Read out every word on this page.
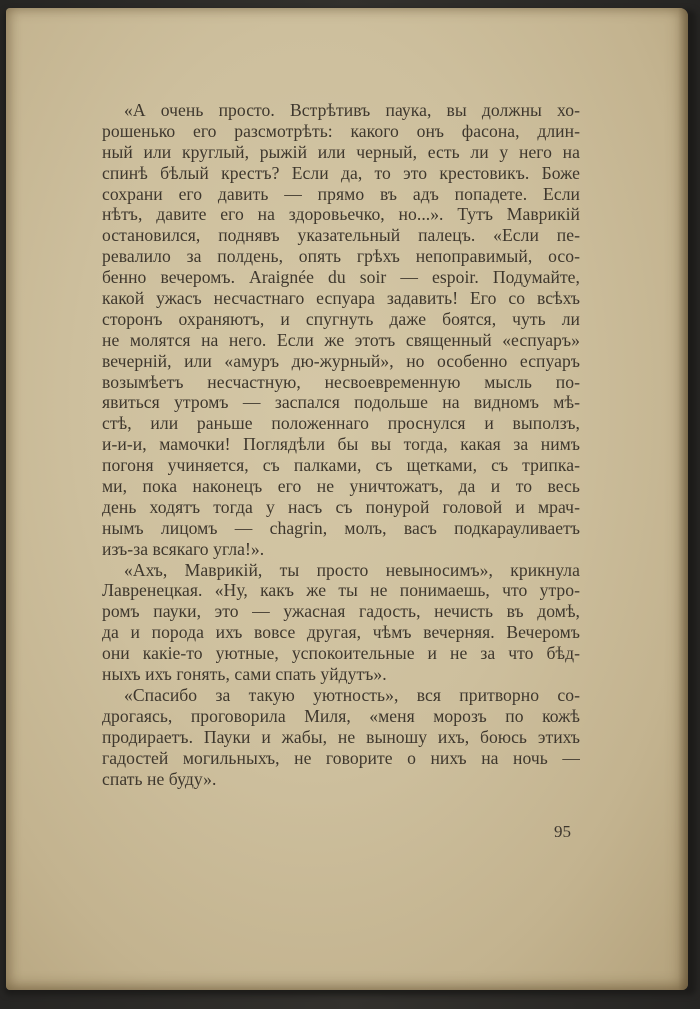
«А очень просто. Встрѣтивъ паука, вы должны хо-
рошенько его разсмотрѣть: какого онъ фасона, длин-
ный или круглый, рыжій или черный, есть ли у него на
спинѣ бѣлый крестъ? Если да, то это крестовикъ. Боже
сохрани его давить — прямо въ адъ попадете. Если
нѣтъ, давите его на здоровьечко, но...». Тутъ Маврикій
остановился, поднявъ указательный палецъ. «Если пе-
ревалило за полдень, опять грѣхъ непоправимый, осо-
бенно вечеромъ. Araignée du soir — espoir. Подумайте,
какой ужасъ несчастнаго еспуара задавить! Его со всѣхъ
сторонъ охраняютъ, и спугнуть даже боятся, чуть ли
не молятся на него. Если же этотъ священный «еспуаръ»
вечерній, или «амуръ дю-журный», но особенно еспуаръ
возымѣетъ несчастную, несвоевременную мысль по-
явиться утромъ — заспался подольше на видномъ мѣ-
стѣ, или раньше положеннаго проснулся и выползъ,
и-и-и, мамочки! Поглядѣли бы вы тогда, какая за нимъ
погоня учиняется, съ палками, съ щетками, съ трипка-
ми, пока наконецъ его не уничтожатъ, да и то весь
день ходятъ тогда у насъ съ понурой головой и мрач-
нымъ лицомъ — chagrin, молъ, васъ подкарауливаетъ
изъ-за всякаго угла!».
«Ахъ, Маврикій, ты просто невыносимъ», крикнула
Лавренецкая. «Ну, какъ же ты не понимаешь, что утро-
ромъ пауки, это — ужасная гадость, нечисть въ домѣ,
да и порода ихъ вовсе другая, чѣмъ вечерняя. Вечеромъ
они какіе-то уютные, успокоительные и не за что бѣд-
ныхъ ихъ гонять, сами спать уйдутъ».
«Спасибо за такую уютность», вся притворно со-
дрогаясь, проговорила Миля, «меня морозъ по кожѣ
продираетъ. Пауки и жабы, не выношу ихъ, боюсь этихъ
гадостей могильныхъ, не говорите о нихъ на ночь —
спать не буду».
95
